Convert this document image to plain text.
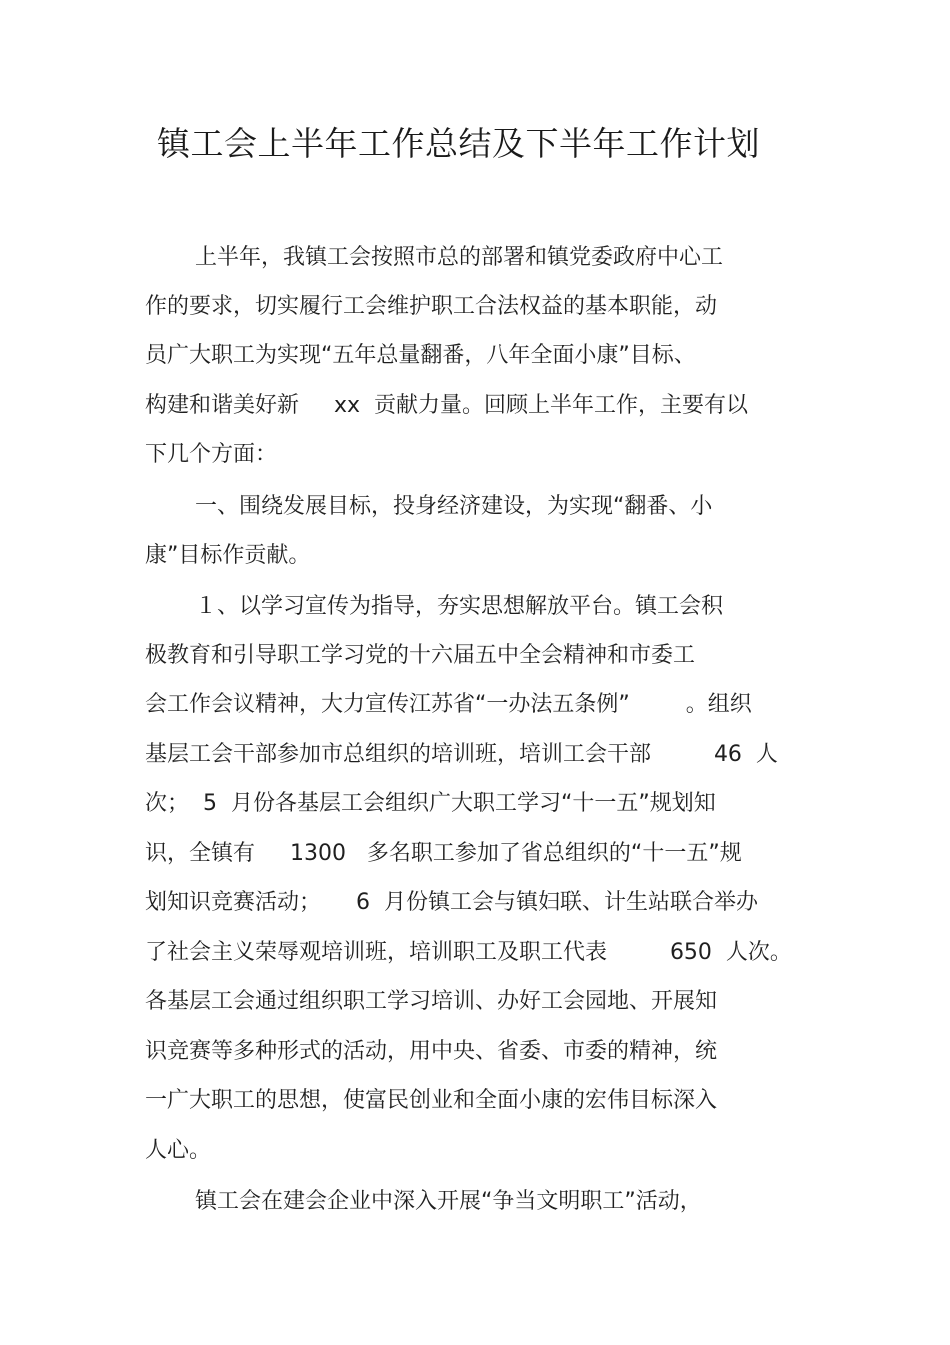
镇工会上半年工作总结及下半年工作计划
上半年，我镇工会按照市总的部署和镇党委政府中心工
作的要求，切实履行工会维护职工合法权益的基本职能，动
员广大职工为实现“五年总量翻番，八年全面小康”目标、
构建和谐美好新     xx  贡献力量。回顾上半年工作，主要有以
下几个方面：
一、围绕发展目标，投身经济建设，为实现“翻番、小
康”目标作贡献。
１、以学习宣传为指导，夯实思想解放平台。镇工会积
极教育和引导职工学习党的十六届五中全会精神和市委工
会工作会议精神，大力宣传江苏省“一办法五条例”        。组织
基层工会干部参加市总组织的培训班，培训工会干部         46  人
次；  5  月份各基层工会组织广大职工学习“十一五”规划知
识，全镇有     1300   多名职工参加了省总组织的“十一五”规
划知识竞赛活动；     6  月份镇工会与镇妇联、计生站联合举办
了社会主义荣辱观培训班，培训职工及职工代表         650  人次。
各基层工会通过组织职工学习培训、办好工会园地、开展知
识竞赛等多种形式的活动，用中央、省委、市委的精神，统
一广大职工的思想，使富民创业和全面小康的宏伟目标深入
人心。
镇工会在建会企业中深入开展“争当文明职工”活动，
